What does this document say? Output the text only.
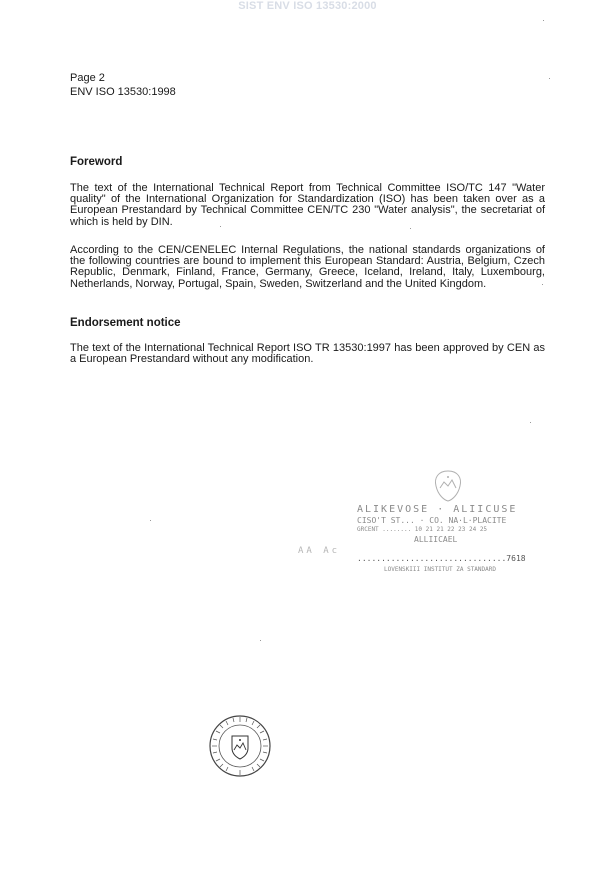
SIST ENV ISO 13530:2000
Page 2
ENV ISO 13530:1998
Foreword
The text of the International Technical Report from Technical Committee ISO/TC 147 "Water quality" of the International Organization for Standardization (ISO) has been taken over as a European Prestandard by Technical Committee CEN/TC 230 "Water analysis", the secretariat of which is held by DIN.
According to the CEN/CENELEC Internal Regulations, the national standards organizations of the following countries are bound to implement this European Standard: Austria, Belgium, Czech Republic, Denmark, Finland, France, Germany, Greece, Iceland, Ireland, Italy, Luxembourg, Netherlands, Norway, Portugal, Spain, Sweden, Switzerland and the United Kingdom.
Endorsement notice
The text of the International Technical Report ISO TR 13530:1997 has been approved by CEN as a European Prestandard without any modification.
ALIKEVOSE · ALIICUSE
CISO'T ST... · CO. NA·L·PLACITE
GRCENT ........ 10 21 21 22 23 24 25
ALLIICAEL
...............................7618
LOVENSKIII INSTITUT ZA STANDARD
AA Ac
